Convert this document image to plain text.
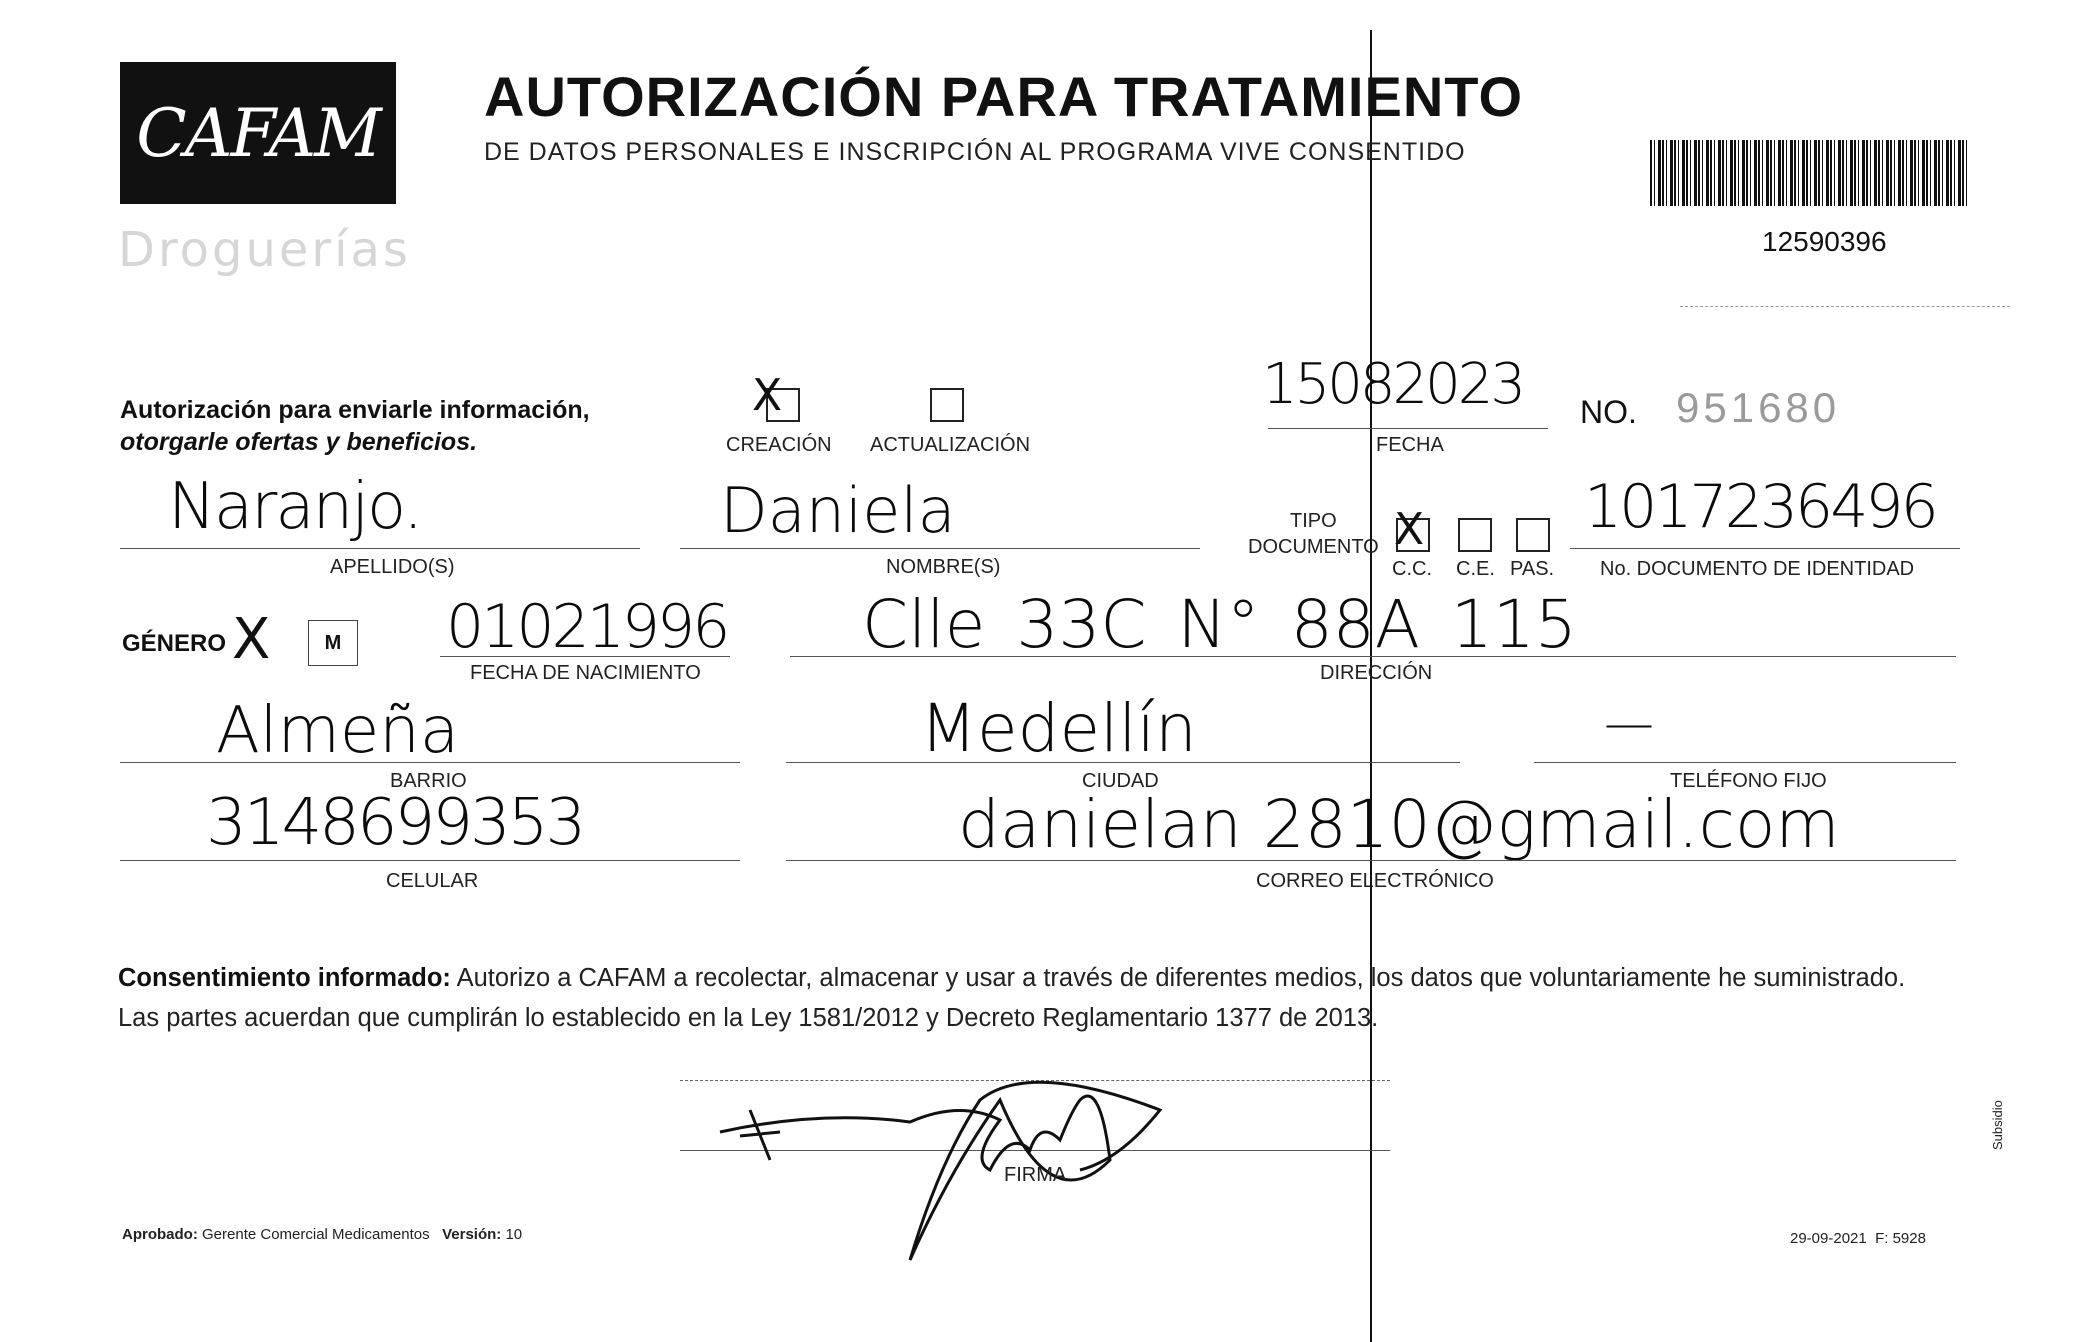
CAFAM
Droguerías
AUTORIZACIÓN PARA TRATAMIENTO
DE DATOS PERSONALES E INSCRIPCIÓN AL PROGRAMA VIVE CONSENTIDO
12590396
Autorización para enviarle información,
otorgarle ofertas y beneficios.
X
CREACIÓN ACTUALIZACIÓN
15082023
FECHA
NO. 951680
Naranjo.
APELLIDO(S)
Daniela
NOMBRE(S)
TIPO
DOCUMENTO X
C.C. C.E. PAS.
1017236496
No. DOCUMENTO DE IDENTIDAD
GÉNERO X	M 01021996
FECHA DE NACIMIENTO
Clle 33C N° 88A 115
DIRECCIÓN
Almeña
BARRIO
Medellín
CIUDAD
—
TELÉFONO FIJO
3148699353
CELULAR
danielan 2810@gmail.com
CORREO ELECTRÓNICO
Consentimiento informado: Autorizo a CAFAM a recolectar, almacenar y usar a través de diferentes medios, los datos que voluntariamente he suministrado.
Las partes acuerdan que cumplirán lo establecido en la Ley 1581/2012 y Decreto Reglamentario 1377 de 2013.
FIRMA
Aprobado: Gerente Comercial Medicamentos Versión: 10	29-09-2021 F: 5928
Subsidio
